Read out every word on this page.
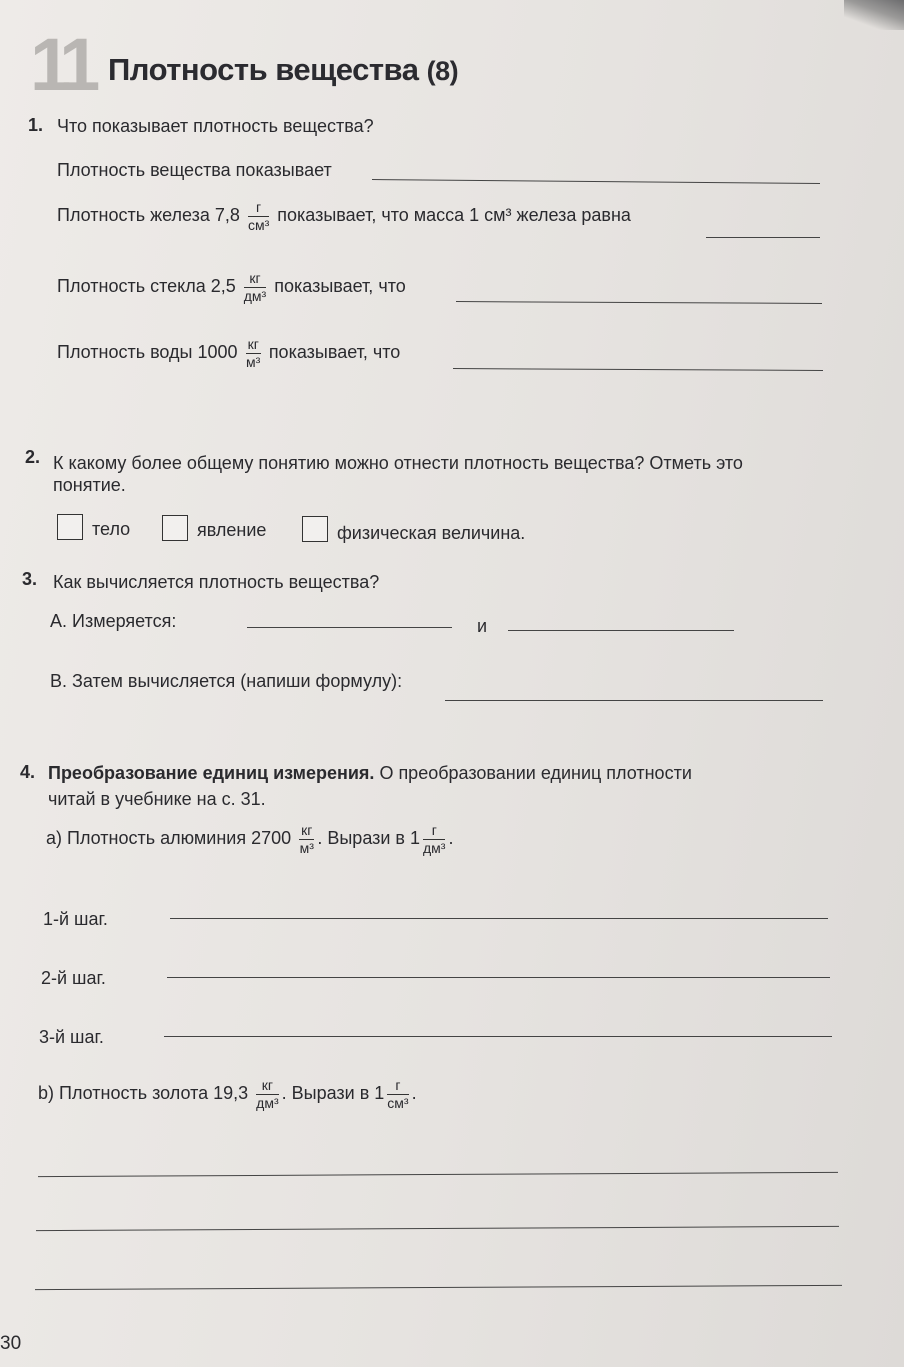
11 Плотность вещества (8)
1. Что показывает плотность вещества?
Плотность вещества показывает
Плотность железа $7,8 \frac{г}{\text{см³}}$ показывает, что масса 1 см³ железа равна
Плотность стекла $2,5 \frac{кг}{\text{дм³}}$ показывает, что
Плотность воды $1000 \frac{кг}{\text{м³}}$ показывает, что
2. К какому более общему понятию можно отнести плотность вещества? Отметь это
понятие.
тело	явление	физическая величина.
3. Как вычисляется плотность вещества?
А. Измеряется:	и
В. Затем вычисляется (напиши формулу):
4. Преобразование единиц измерения. О преобразовании единиц плотности
читай в учебнике на с. 31.
a) Плотность алюминия $2700 \frac{кг}{\text{м³}}$ . Вырази в $1 \frac{г}{\text{дм³}}$ .
1-й шаг.
2-й шаг.
3-й шаг.
b) Плотность золота $19,3 \frac{кг}{\text{дм³}}$ . Вырази в $1 \frac{г}{\text{см³}}$ .
30
